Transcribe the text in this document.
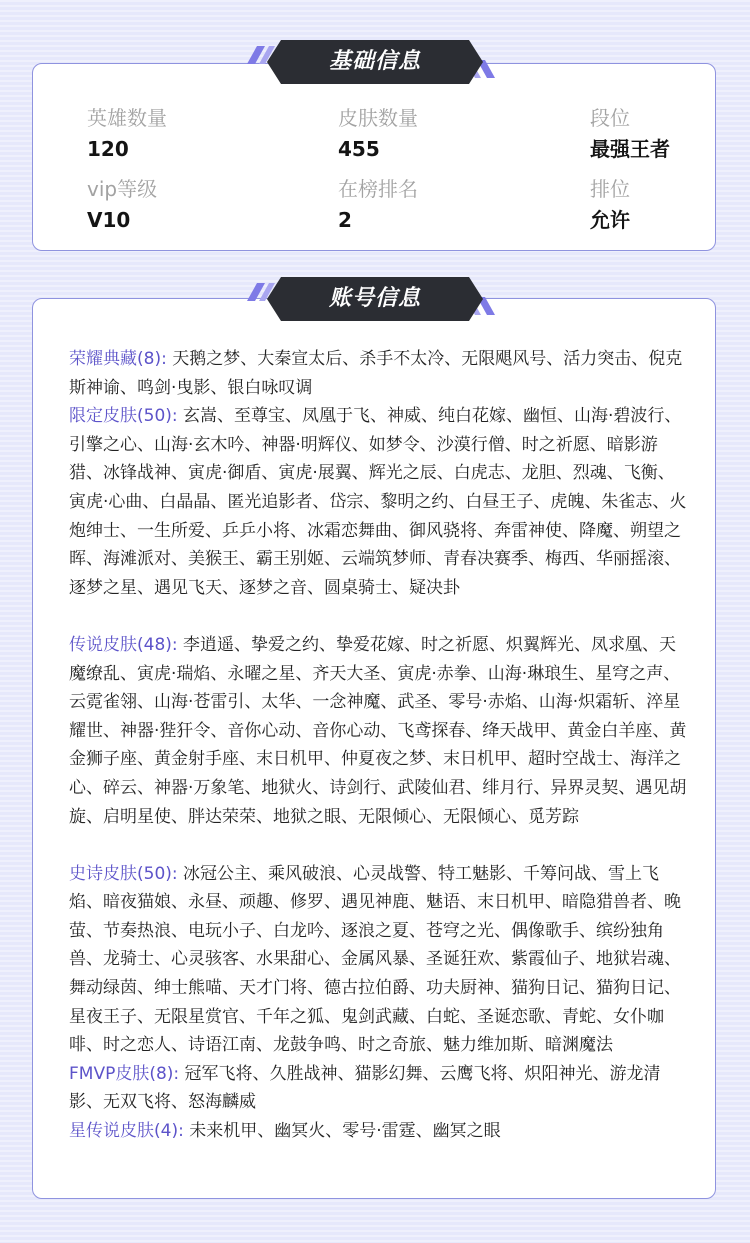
英雄数量
120
皮肤数量
455
段位
最强王者
vip等级
V10
在榜排名
2
排位
允许
基础信息

荣耀典藏(8): 天鹅之梦、大秦宣太后、杀手不太冷、无限飓风号、活力突击、倪克斯神谕、鸣剑·曳影、银白咏叹调

限定皮肤(50): 玄嵩、至尊宝、凤凰于飞、神威、纯白花嫁、幽恒、山海·碧波行、引擎之心、山海·玄木吟、神器·明辉仪、如梦令、沙漠行僧、时之祈愿、暗影游猎、冰锋战神、寅虎·御盾、寅虎·展翼、辉光之辰、白虎志、龙胆、烈魂、飞衡、寅虎·心曲、白晶晶、匿光追影者、岱宗、黎明之约、白昼王子、虎魄、朱雀志、火炮绅士、一生所爱、乒乒小将、冰霜恋舞曲、御风骁将、奔雷神使、降魔、朔望之晖、海滩派对、美猴王、霸王别姬、云端筑梦师、青春决赛季、梅西、华丽摇滚、逐梦之星、遇见飞天、逐梦之音、圆桌骑士、疑决卦

传说皮肤(48): 李逍遥、挚爱之约、挚爱花嫁、时之祈愿、炽翼辉光、凤求凰、天魔缭乱、寅虎·瑞焰、永曜之星、齐天大圣、寅虎·赤拳、山海·琳琅生、星穹之声、云霓雀翎、山海·苍雷引、太华、一念神魔、武圣、零号·赤焰、山海·炽霜斩、淬星耀世、神器·狴犴令、音你心动、音你心动、飞鸢探春、绛天战甲、黄金白羊座、黄金狮子座、黄金射手座、末日机甲、仲夏夜之梦、末日机甲、超时空战士、海洋之心、碎云、神器·万象笔、地狱火、诗剑行、武陵仙君、绯月行、异界灵契、遇见胡旋、启明星使、胖达荣荣、地狱之眼、无限倾心、无限倾心、觅芳踪

史诗皮肤(50): 冰冠公主、乘风破浪、心灵战警、特工魅影、千筹问战、雪上飞焰、暗夜猫娘、永昼、顽趣、修罗、遇见神鹿、魅语、末日机甲、暗隐猎兽者、晚萤、节奏热浪、电玩小子、白龙吟、逐浪之夏、苍穹之光、偶像歌手、缤纷独角兽、龙骑士、心灵骇客、水果甜心、金属风暴、圣诞狂欢、紫霞仙子、地狱岩魂、舞动绿茵、绅士熊喵、天才门将、德古拉伯爵、功夫厨神、猫狗日记、猫狗日记、星夜王子、无限星赏官、千年之狐、鬼剑武藏、白蛇、圣诞恋歌、青蛇、女仆咖啡、时之恋人、诗语江南、龙鼓争鸣、时之奇旅、魅力维加斯、暗渊魔法

FMVP皮肤(8): 冠军飞将、久胜战神、猫影幻舞、云鹰飞将、炽阳神光、游龙清影、无双飞将、怒海麟威

星传说皮肤(4): 未来机甲、幽冥火、零号·雷霆、幽冥之眼

账号信息
